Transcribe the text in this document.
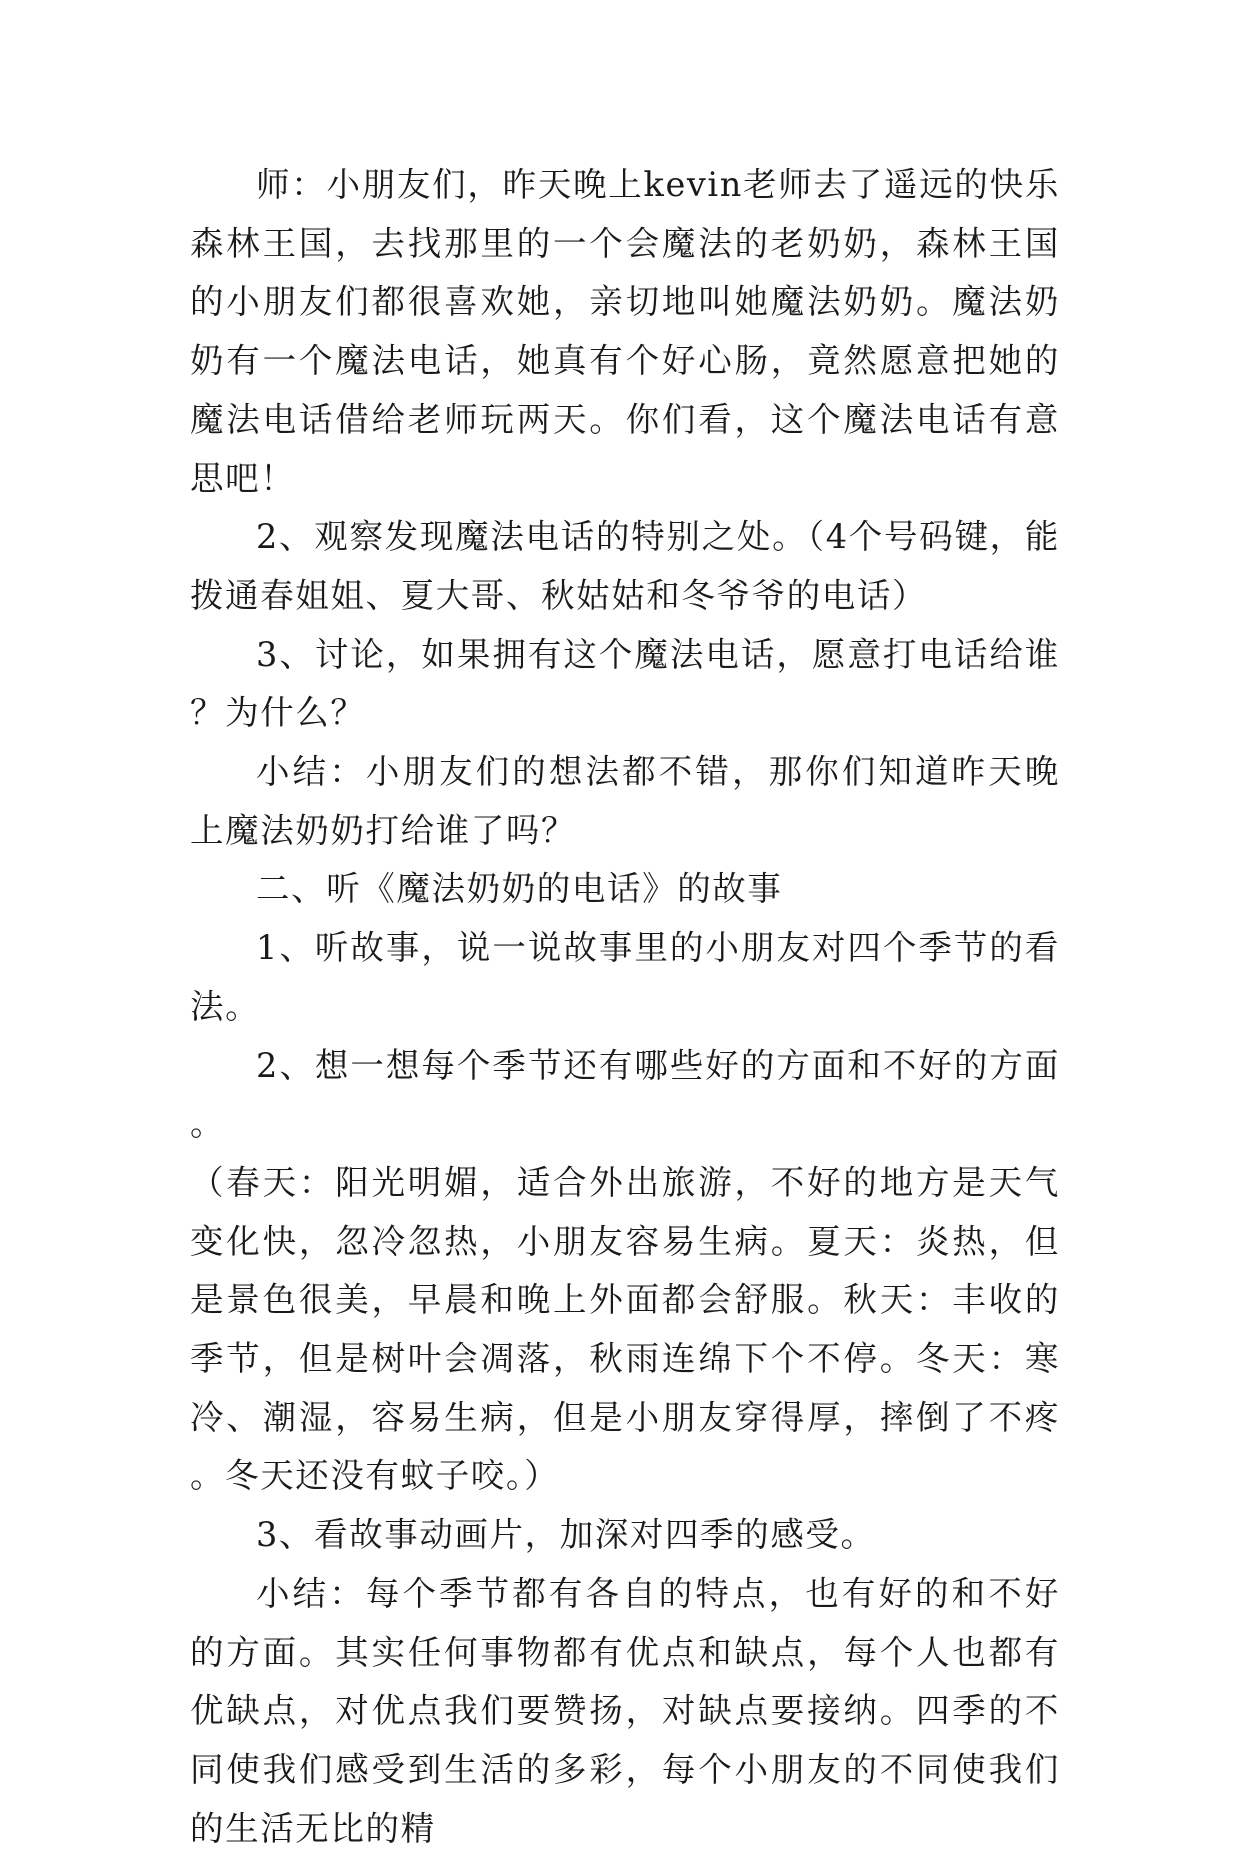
师：小朋友们，昨天晚上kevin老师去了遥远的快乐森林王国，去找那里的一个会魔法的老奶奶，森林王国的小朋友们都很喜欢她，亲切地叫她魔法奶奶。魔法奶奶有一个魔法电话，她真有个好心肠，竟然愿意把她的魔法电话借给老师玩两天。你们看，这个魔法电话有意思吧！

2、观察发现魔法电话的特别之处。（4个号码键，能拨通春姐姐、夏大哥、秋姑姑和冬爷爷的电话）

3、讨论，如果拥有这个魔法电话，愿意打电话给谁？为什么？

小结：小朋友们的想法都不错，那你们知道昨天晚上魔法奶奶打给谁了吗？

二、听《魔法奶奶的电话》的故事

1、听故事，说一说故事里的小朋友对四个季节的看法。

2、想一想每个季节还有哪些好的方面和不好的方面。

（春天：阳光明媚，适合外出旅游，不好的地方是天气变化快，忽冷忽热，小朋友容易生病。夏天：炎热，但是景色很美，早晨和晚上外面都会舒服。秋天：丰收的季节，但是树叶会凋落，秋雨连绵下个不停。冬天：寒冷、潮湿，容易生病，但是小朋友穿得厚，摔倒了不疼。冬天还没有蚊子咬。）

3、看故事动画片，加深对四季的感受。

小结：每个季节都有各自的特点，也有好的和不好的方面。其实任何事物都有优点和缺点，每个人也都有优缺点，对优点我们要赞扬，对缺点要接纳。四季的不同使我们感受到生活的多彩，每个小朋友的不同使我们的生活无比的精
